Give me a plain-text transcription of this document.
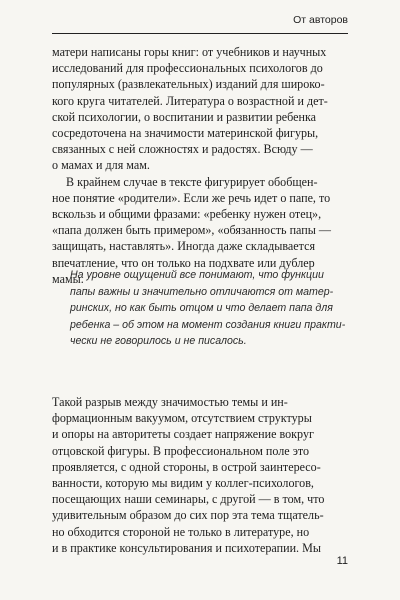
От авторов

матери написаны горы книг: от учебников и научных
исследований для профессиональных психологов до
популярных (развлекательных) изданий для широко-
кого круга читателей. Литература о возрастной и дет-
ской психологии, о воспитании и развитии ребенка
сосредоточена на значимости материнской фигуры,
связанных с ней сложностях и радостях. Всюду —
о мамах и для мам.

В крайнем случае в тексте фигурирует обобщен-
ное понятие «родители». Если же речь идет о папе, то
вскользь и общими фразами: «ребенку нужен отец»,
«папа должен быть примером», «обязанность папы —
защищать, наставлять». Иногда даже складывается
впечатление, что он только на подхвате или дублер
мамы.

На уровне ощущений все понимают, что функции
папы важны и значительно отличаются от матер-
ринских, но как быть отцом и что делает папа для
ребенка – об этом на момент создания книги практи-
чески не говорилось и не писалось.

Такой разрыв между значимостью темы и ин-
формационным вакуумом, отсутствием структуры
и опоры на авторитеты создает напряжение вокруг
отцовской фигуры. В профессиональном поле это
проявляется, с одной стороны, в острой заинтересо-
ванности, которую мы видим у коллег-психологов,
посещающих наши семинары, с другой — в том, что
удивительным образом до сих пор эта тема тщатель-
но обходится стороной не только в литературе, но
и в практике консультирования и психотерапии. Мы

11
